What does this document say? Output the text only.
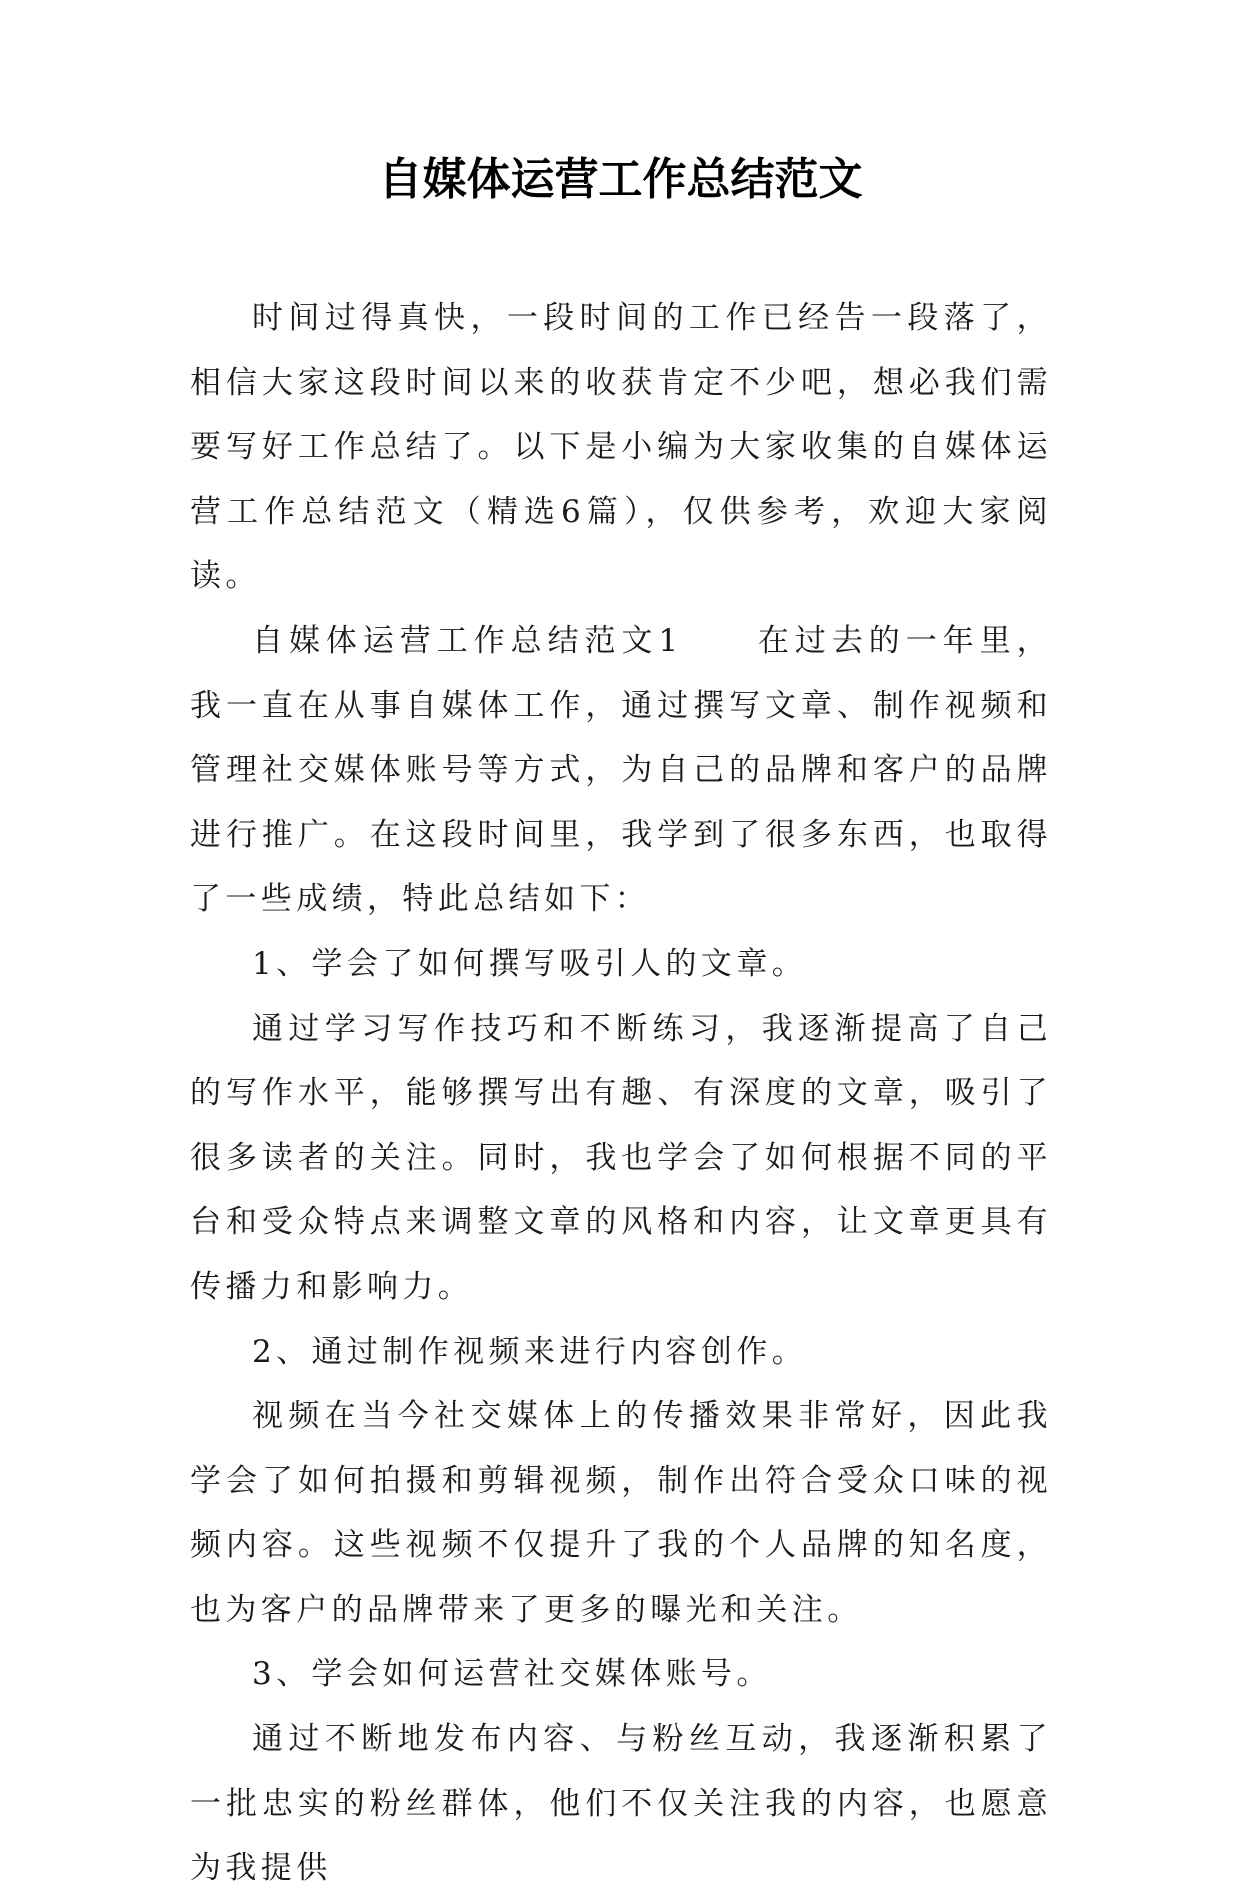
自媒体运营工作总结范文

时间过得真快，一段时间的工作已经告一段落了，相信大家这段时间以来的收获肯定不少吧，想必我们需要写好工作总结了。以下是小编为大家收集的自媒体运营工作总结范文（精选6篇），仅供参考，欢迎大家阅读。

自媒体运营工作总结范文1　　在过去的一年里，我一直在从事自媒体工作，通过撰写文章、制作视频和管理社交媒体账号等方式，为自己的品牌和客户的品牌进行推广。在这段时间里，我学到了很多东西，也取得了一些成绩，特此总结如下：

1、学会了如何撰写吸引人的文章。

通过学习写作技巧和不断练习，我逐渐提高了自己的写作水平，能够撰写出有趣、有深度的文章，吸引了很多读者的关注。同时，我也学会了如何根据不同的平台和受众特点来调整文章的风格和内容，让文章更具有传播力和影响力。

2、通过制作视频来进行内容创作。

视频在当今社交媒体上的传播效果非常好，因此我学会了如何拍摄和剪辑视频，制作出符合受众口味的视频内容。这些视频不仅提升了我的个人品牌的知名度，也为客户的品牌带来了更多的曝光和关注。

3、学会如何运营社交媒体账号。

通过不断地发布内容、与粉丝互动，我逐渐积累了一批忠实的粉丝群体，他们不仅关注我的内容，也愿意为我提供
